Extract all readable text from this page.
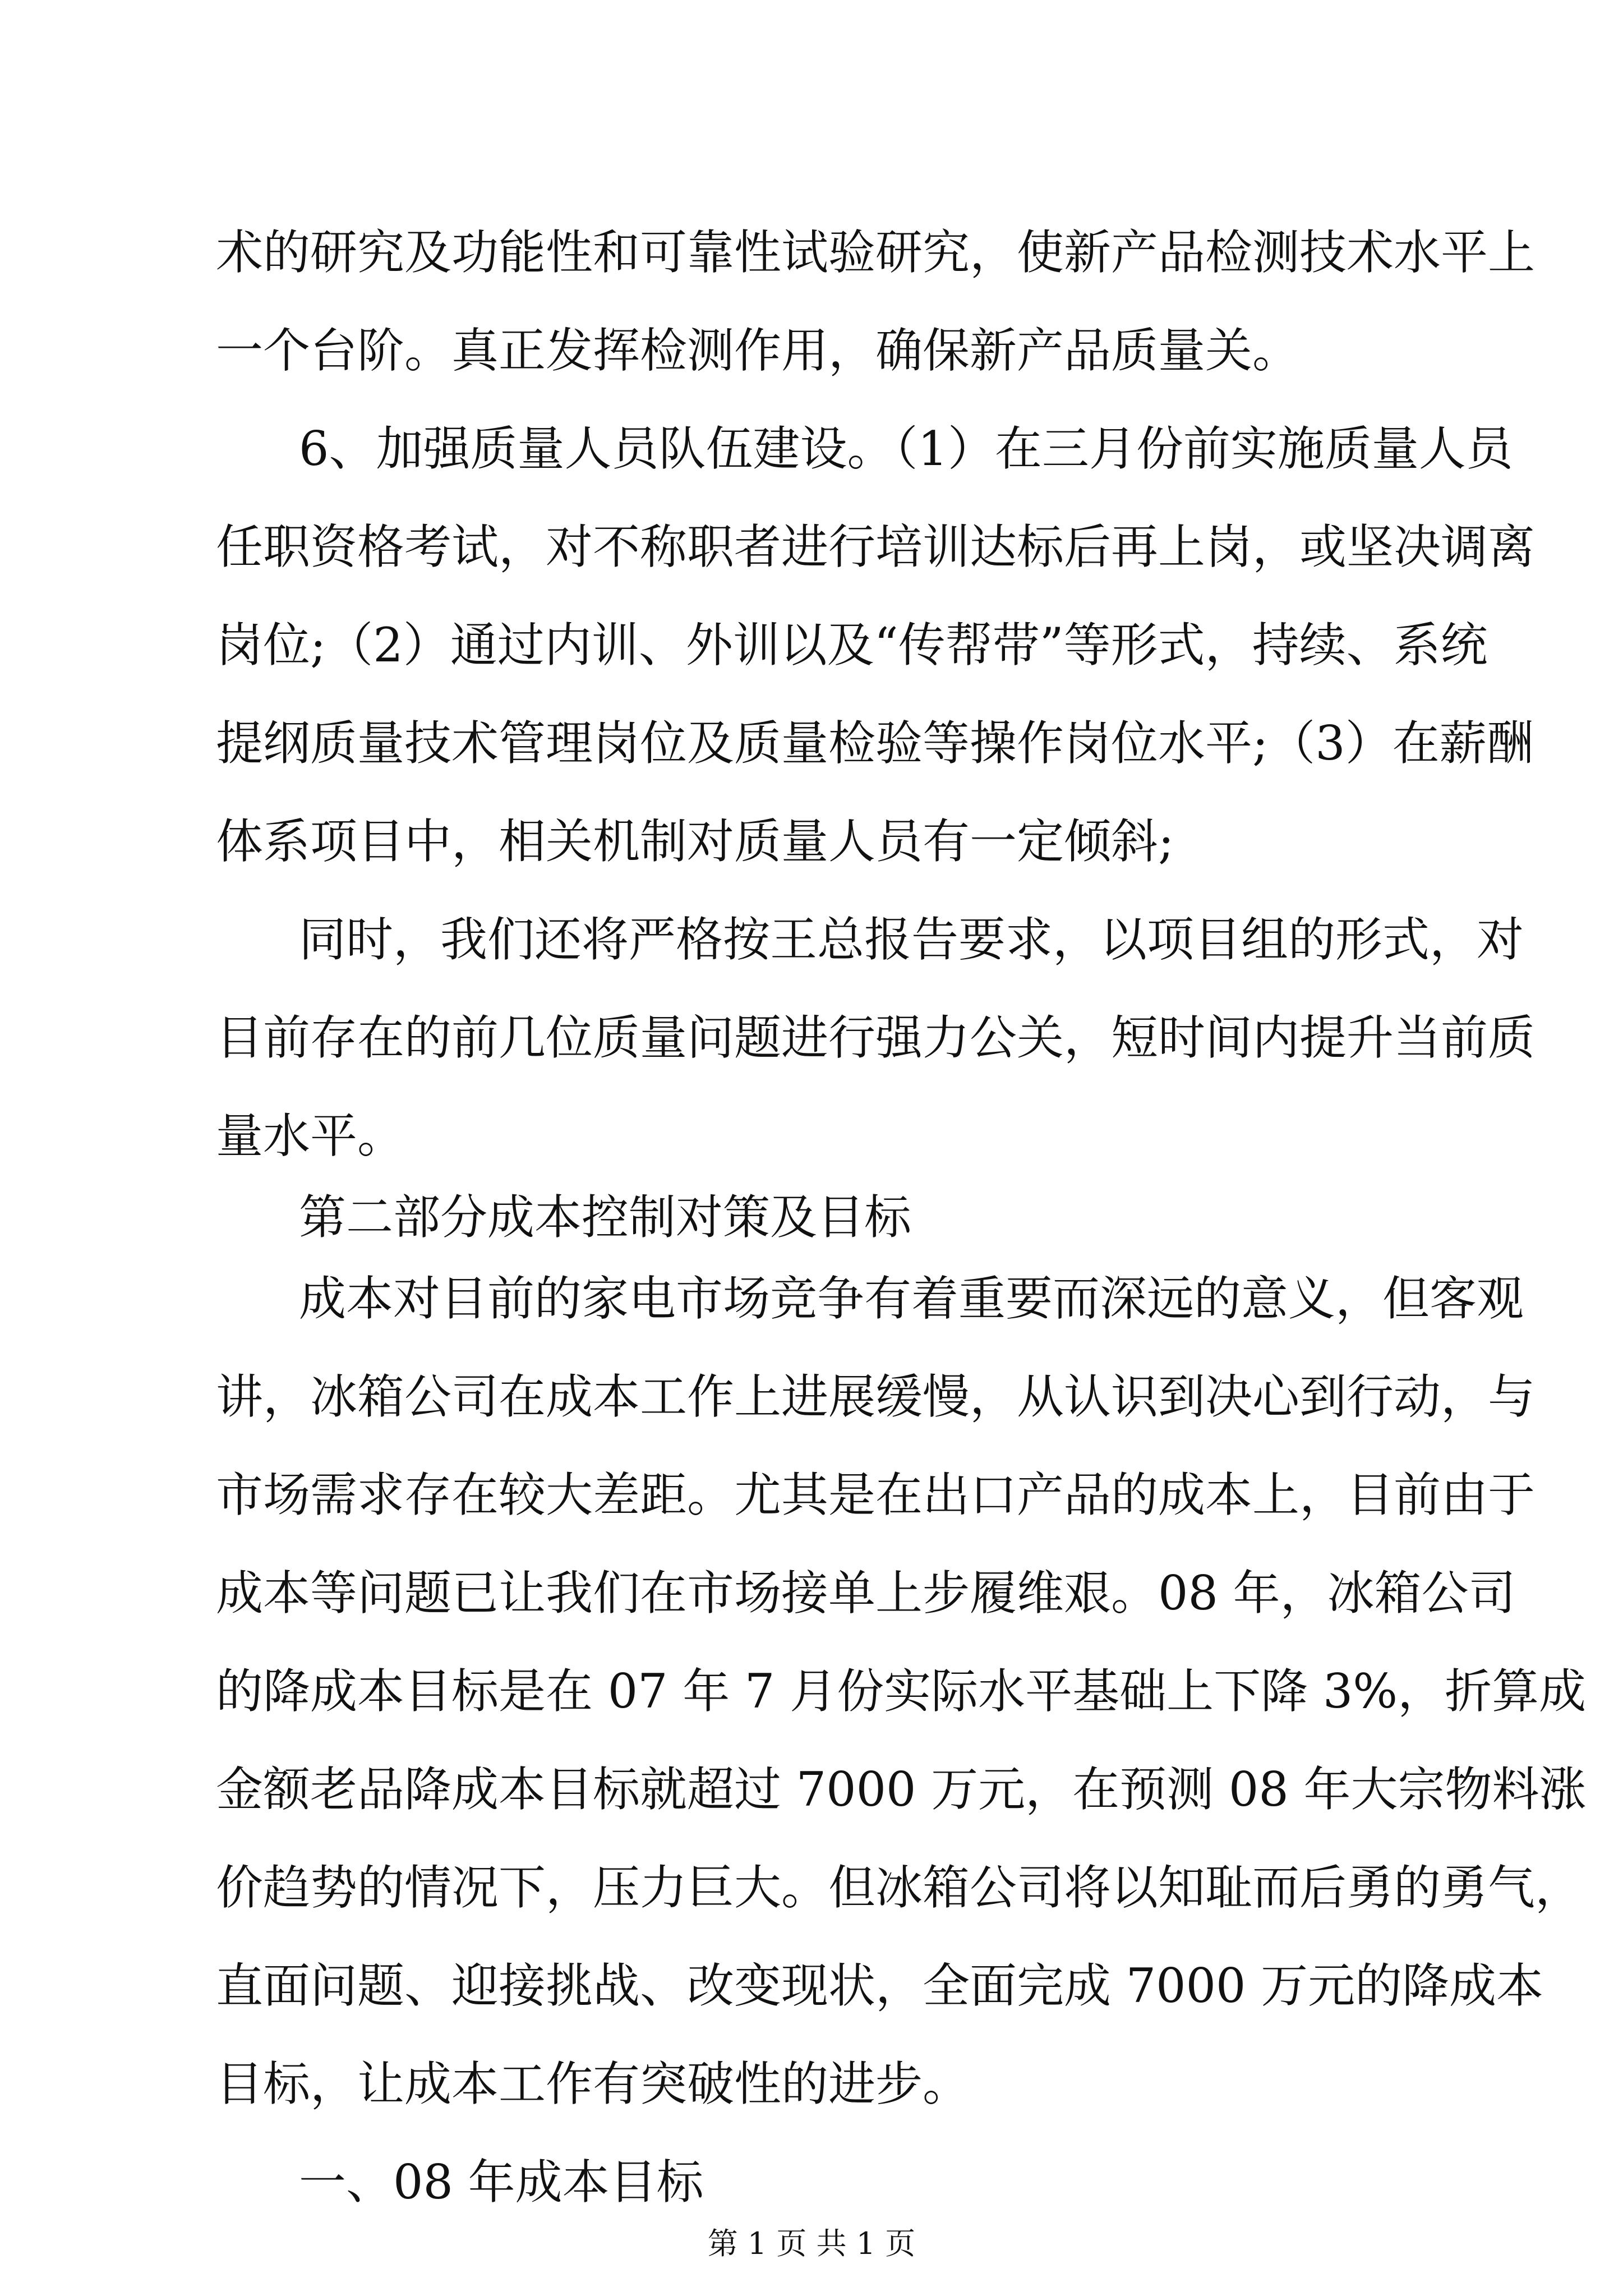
术的研究及功能性和可靠性试验研究，使新产品检测技术水平上
一个台阶。真正发挥检测作用，确保新产品质量关。
6、加强质量人员队伍建设。（1）在三月份前实施质量人员
任职资格考试，对不称职者进行培训达标后再上岗，或坚决调离
岗位;（2）通过内训、外训以及“传帮带”等形式，持续、系统
提纲质量技术管理岗位及质量检验等操作岗位水平;（3）在薪酬
体系项目中，相关机制对质量人员有一定倾斜;
同时，我们还将严格按王总报告要求，以项目组的形式，对
目前存在的前几位质量问题进行强力公关，短时间内提升当前质
量水平。
第二部分成本控制对策及目标
成本对目前的家电市场竞争有着重要而深远的意义，但客观
讲，冰箱公司在成本工作上进展缓慢，从认识到决心到行动，与
市场需求存在较大差距。尤其是在出口产品的成本上，目前由于
成本等问题已让我们在市场接单上步履维艰。08 年，冰箱公司
的降成本目标是在 07 年 7 月份实际水平基础上下降 3%，折算成
金额老品降成本目标就超过 7000 万元，在预测 08 年大宗物料涨
价趋势的情况下，压力巨大。但冰箱公司将以知耻而后勇的勇气，
直面问题、迎接挑战、改变现状，全面完成 7000 万元的降成本
目标，让成本工作有突破性的进步。
一、08 年成本目标
第 1 页 共 1 页
